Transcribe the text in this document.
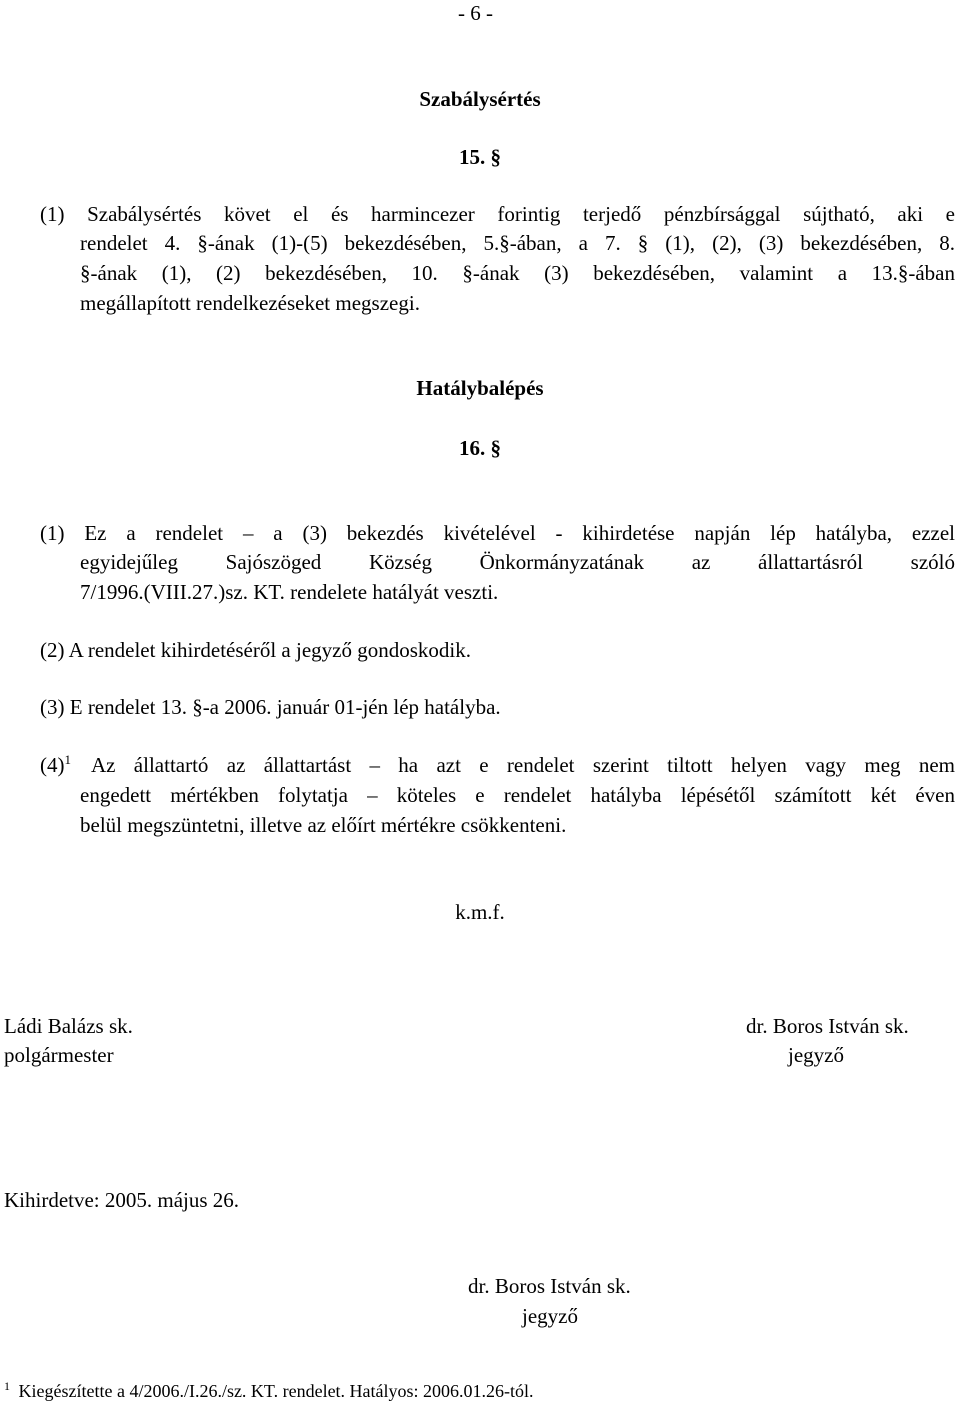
- 6 -
Szabálysértés
15. §
(1) Szabálysértés követ el és harmincezer forintig terjedő pénzbírsággal sújtható, aki e
rendelet 4. §-ának (1)-(5) bekezdésében, 5.§-ában, a 7. § (1), (2), (3) bekezdésében, 8.
§-ának (1), (2) bekezdésében, 10. §-ának (3) bekezdésében, valamint a 13.§-ában
megállapított rendelkezéseket megszegi.
Hatálybalépés
16. §
(1) Ez a rendelet – a (3) bekezdés kivételével - kihirdetése napján lép hatályba, ezzel
egyidejűleg Sajószöged Község Önkormányzatának az állattartásról szóló
7/1996.(VIII.27.)sz. KT. rendelete hatályát veszti.
(2) A rendelet kihirdetéséről a jegyző gondoskodik.
(3) E rendelet 13. §-a 2006. január 01-jén lép hatályba.
$(4)^1$ Az állattartó az állattartást – ha azt e rendelet szerint tiltott helyen vagy meg nem
engedett mértékben folytatja – köteles e rendelet hatályba lépésétől számított két éven
belül megszüntetni, illetve az előírt mértékre csökkenteni.
k.m.f.
Ládi Balázs sk.
polgármester
dr. Boros István sk.
jegyző
Kihirdetve: 2005. május 26.
dr. Boros István sk.
jegyző
$^1$ Kiegészítette a 4/2006./I.26./sz. KT. rendelet. Hatályos: 2006.01.26-tól.
